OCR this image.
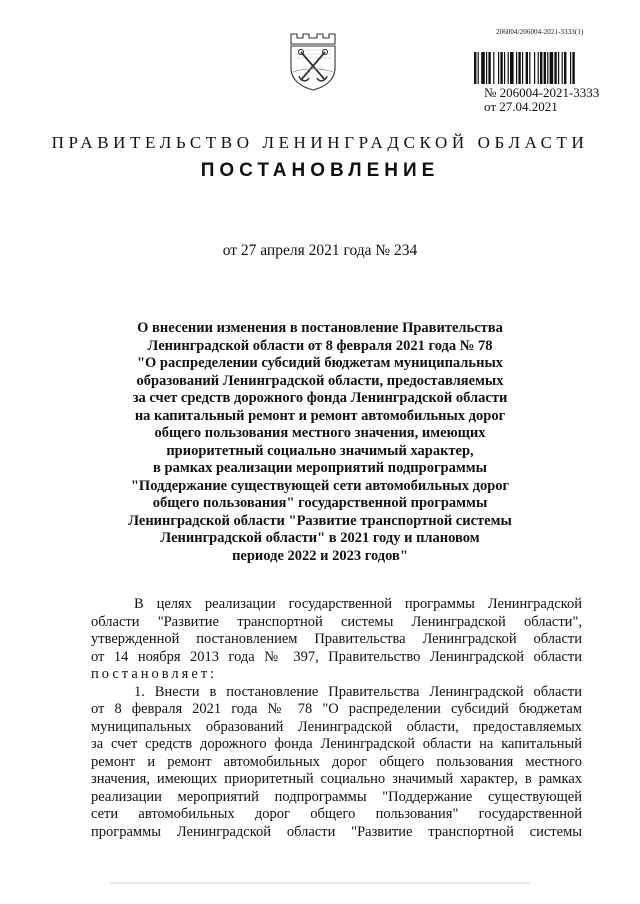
206004/206004-2021-3333(1)
№ 206004-2021-3333
от 27.04.2021
ПРАВИТЕЛЬСТВО ЛЕНИНГРАДСКОЙ ОБЛАСТИ
ПОСТАНОВЛЕНИЕ
от 27 апреля 2021 года № 234
О внесении изменения в постановление Правительства
Ленинградской области от 8 февраля 2021 года № 78
"О распределении субсидий бюджетам муниципальных
образований Ленинградской области, предоставляемых
за счет средств дорожного фонда Ленинградской области
на капитальный ремонт и ремонт автомобильных дорог
общего пользования местного значения, имеющих
приоритетный социально значимый характер,
в рамках реализации мероприятий подпрограммы
"Поддержание существующей сети автомобильных дорог
общего пользования" государственной программы
Ленинградской области "Развитие транспортной системы
Ленинградской области" в 2021 году и плановом
периоде 2022 и 2023 годов"
В целях реализации государственной программы Ленинградской
области "Развитие транспортной системы Ленинградской области",
утвержденной постановлением Правительства Ленинградской области
от 14 ноября 2013 года № 397, Правительство Ленинградской области
постановляет:
1. Внести в постановление Правительства Ленинградской области
от 8 февраля 2021 года № 78 "О распределении субсидий бюджетам
муниципальных образований Ленинградской области, предоставляемых
за счет средств дорожного фонда Ленинградской области на капитальный
ремонт и ремонт автомобильных дорог общего пользования местного
значения, имеющих приоритетный социально значимый характер, в рамках
реализации мероприятий подпрограммы "Поддержание существующей
сети автомобильных дорог общего пользования" государственной
программы Ленинградской области "Развитие транспортной системы
